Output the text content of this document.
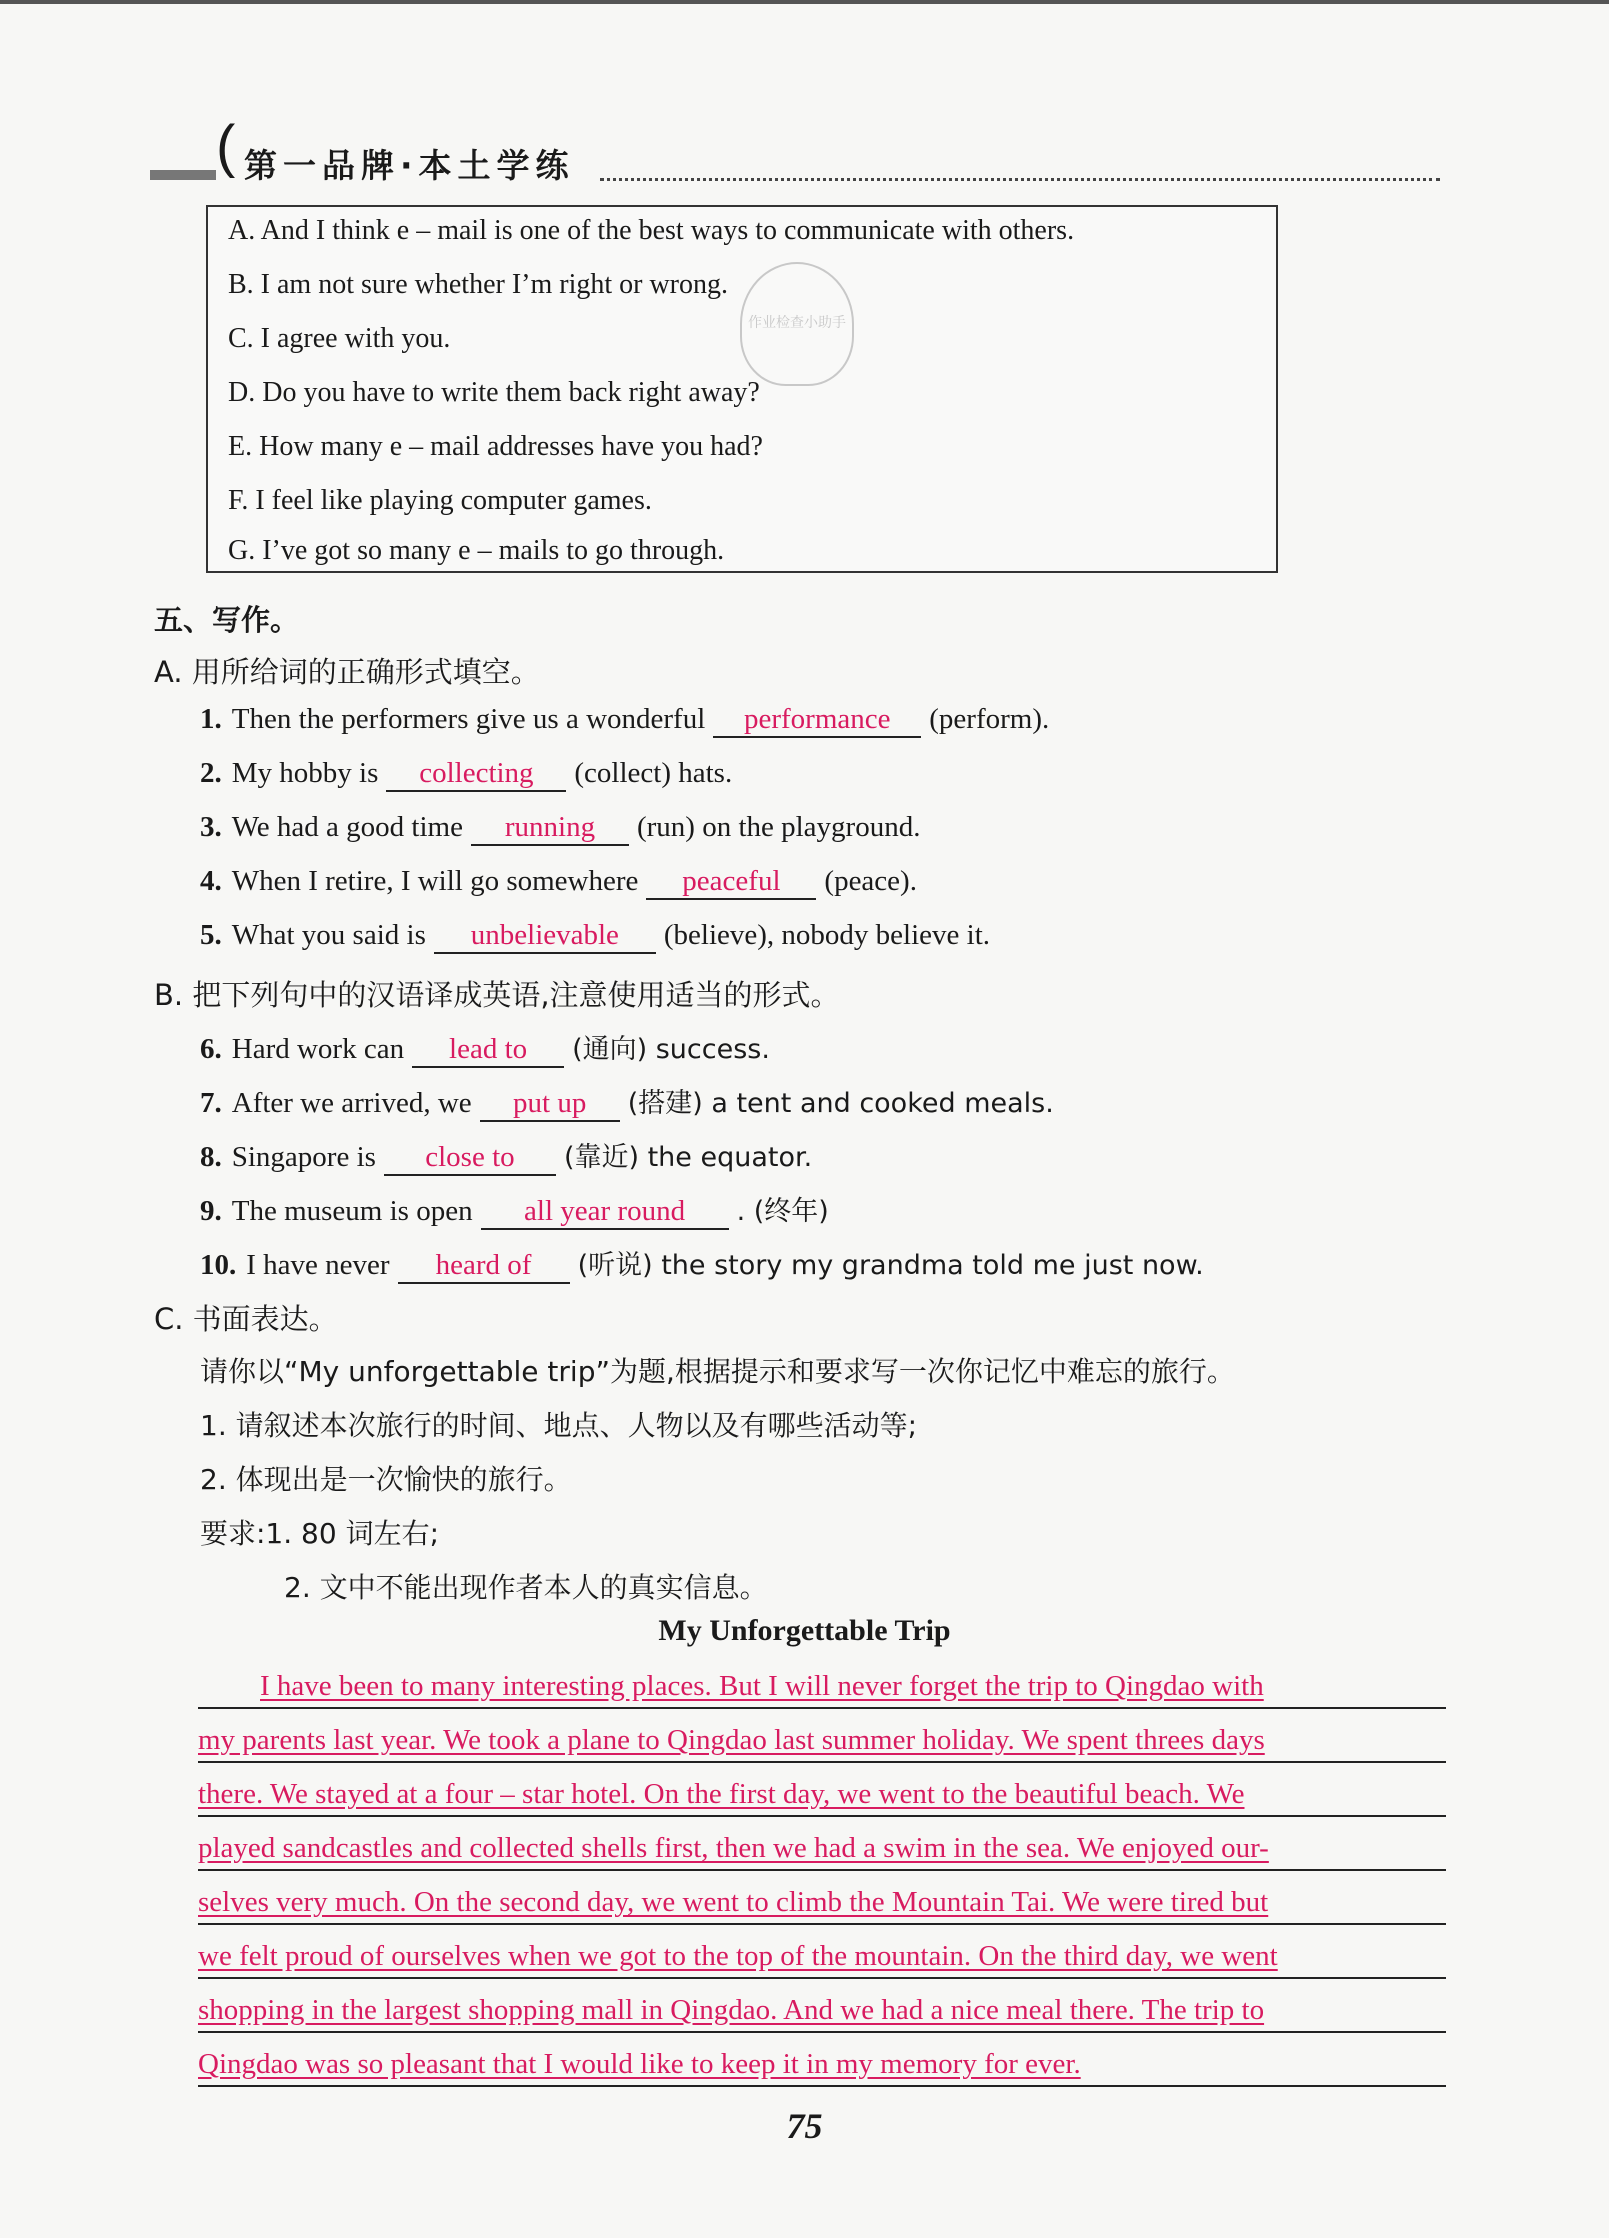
( 第一品牌·本土学练
A. And I think e – mail is one of the best ways to communicate with others.
B. I am not sure whether I’m right or wrong.
C. I agree with you.
D. Do you have to write them back right away?
E. How many e – mail addresses have you had?
F. I feel like playing computer games.
G. I’ve got so many e – mails to go through.
作业检查小助手
五、写作。
A. 用所给词的正确形式填空。
1. Then the performers give us a wonderful performance (perform).
2. My hobby is collecting (collect) hats.
3. We had a good time running (run) on the playground.
4. When I retire, I will go somewhere peaceful (peace).
5. What you said is unbelievable (believe), nobody believe it.
B. 把下列句中的汉语译成英语,注意使用适当的形式。
6. Hard work can lead to (通向) success.
7. After we arrived, we put up (搭建) a tent and cooked meals.
8. Singapore is close to (靠近) the equator.
9. The museum is open all year round . (终年)
10. I have never heard of (听说) the story my grandma told me just now.
C. 书面表达。
请你以“My unforgettable trip”为题,根据提示和要求写一次你记忆中难忘的旅行。
1. 请叙述本次旅行的时间、地点、人物以及有哪些活动等;
2. 体现出是一次愉快的旅行。
要求:1. 80 词左右;
2. 文中不能出现作者本人的真实信息。
My Unforgettable Trip
I have been to many interesting places. But I will never forget the trip to Qingdao with
my parents last year. We took a plane to Qingdao last summer holiday. We spent threes days
there. We stayed at a four – star hotel. On the first day, we went to the beautiful beach. We
played sandcastles and collected shells first, then we had a swim in the sea. We enjoyed our-
selves very much. On the second day, we went to climb the Mountain Tai. We were tired but
we felt proud of ourselves when we got to the top of the mountain. On the third day, we went
shopping in the largest shopping mall in Qingdao. And we had a nice meal there. The trip to
Qingdao was so pleasant that I would like to keep it in my memory for ever.
75
